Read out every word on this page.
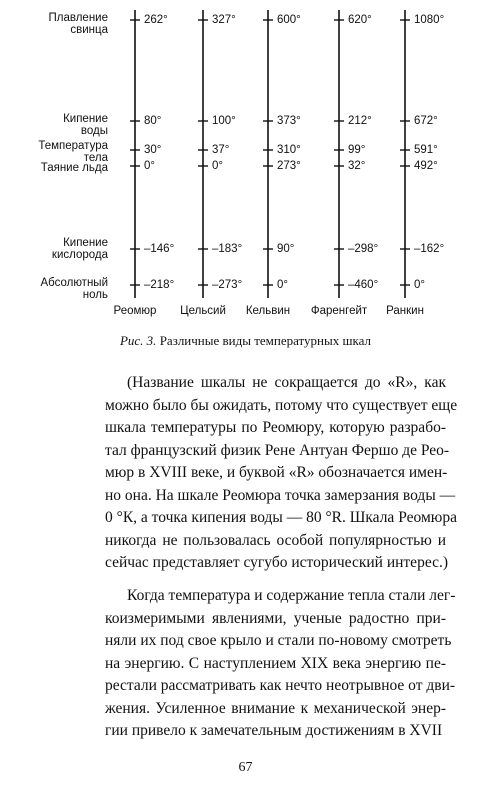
Плавление
свинца
262°	327°	600°	620°	1080°
Кипение
воды
80°	100°	373°	212°	672°
Температура
тела
30°	37°	310°	99°	591°
Таяние льда	0°	0°	273°	32°	492°
Кипение
кислорода	–146°	–183°	90°	–298°	–162°
Абсолютный
ноль
–218°	–273°	0°	–460°	0°
Реомюр Цельсий Кельвин Фаренгейт Ранкин
Рис. 3. Различные виды температурных шкал
(Название шкалы не сокращается до «R», как
можно было бы ожидать, потому что существует еще
шкала температуры по Реомюру, которую разрабо-
тал французский физик Рене Антуан Фершо де Рео-
мюр в XVIII веке, и буквой «R» обозначается имен-
но она. На шкале Реомюра точка замерзания воды —
0 °К, а точка кипения воды — 80 °R. Шкала Реомюра
никогда не пользовалась особой популярностью и
сейчас представляет сугубо исторический интерес.)
Когда температура и содержание тепла стали лег-
коизмеримыми явлениями, ученые радостно при-
няли их под свое крыло и стали по-новому смотреть
на энергию. С наступлением XIX века энергию пе-
рестали рассматривать как нечто неотрывное от дви-
жения. Усиленное внимание к механической энер-
гии привело к замечательным достижениям в XVII
67
